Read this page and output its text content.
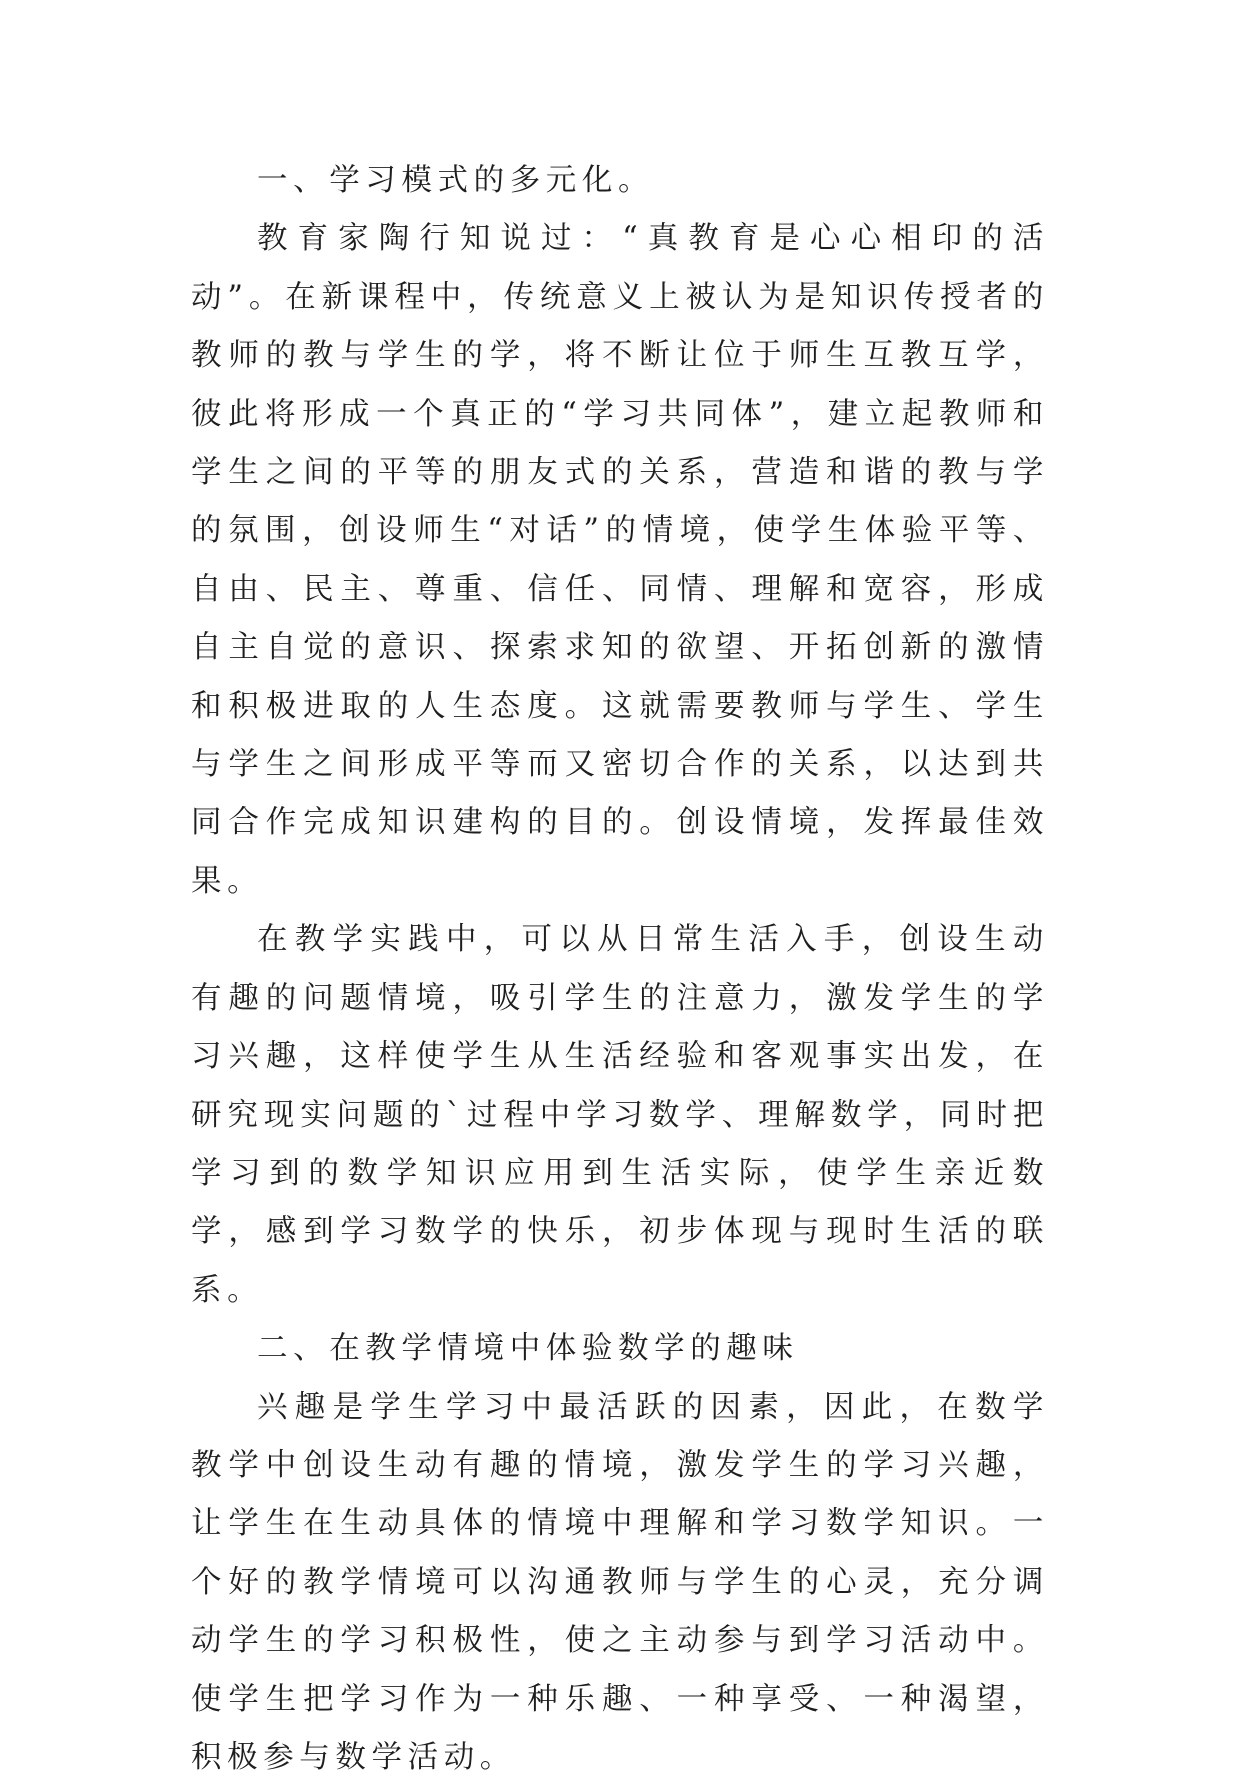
一、学习模式的多元化。

教育家陶行知说过：“真教育是心心相印的活动”。在新课程中，传统意义上被认为是知识传授者的教师的教与学生的学，将不断让位于师生互教互学，彼此将形成一个真正的“学习共同体”，建立起教师和学生之间的平等的朋友式的关系，营造和谐的教与学的氛围，创设师生“对话”的情境，使学生体验平等、自由、民主、尊重、信任、同情、理解和宽容，形成自主自觉的意识、探索求知的欲望、开拓创新的激情和积极进取的人生态度。这就需要教师与学生、学生与学生之间形成平等而又密切合作的关系，以达到共同合作完成知识建构的目的。创设情境，发挥最佳效果。

在教学实践中，可以从日常生活入手，创设生动有趣的问题情境，吸引学生的注意力，激发学生的学习兴趣，这样使学生从生活经验和客观事实出发，在研究现实问题的`过程中学习数学、理解数学，同时把学习到的数学知识应用到生活实际，使学生亲近数学，感到学习数学的快乐，初步体现与现时生活的联系。

二、在教学情境中体验数学的趣味

兴趣是学生学习中最活跃的因素，因此，在数学教学中创设生动有趣的情境，激发学生的学习兴趣，让学生在生动具体的情境中理解和学习数学知识。一个好的教学情境可以沟通教师与学生的心灵，充分调动学生的学习积极性，使之主动参与到学习活动中。使学生把学习作为一种乐趣、一种享受、一种渴望，积极参与数学活动。
